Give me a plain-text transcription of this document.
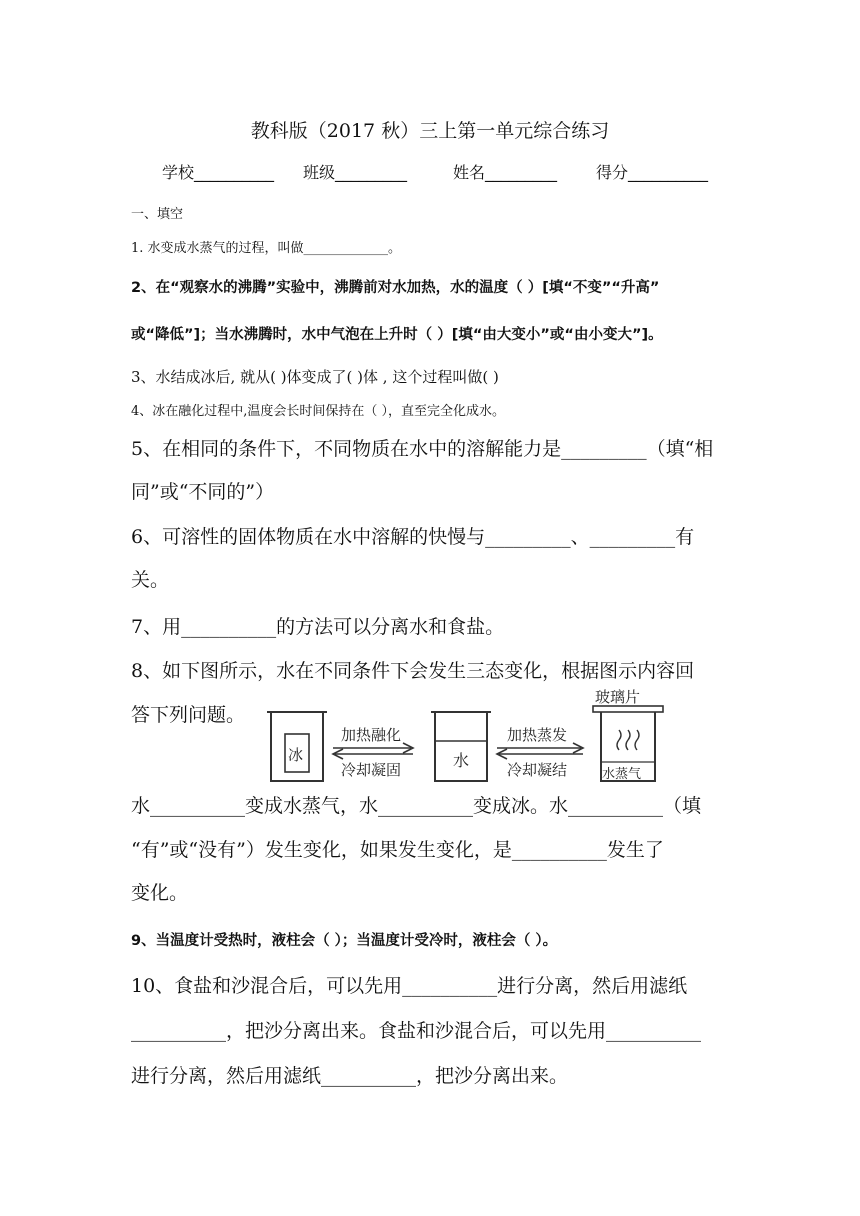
教科版（2017 秋）三上第一单元综合练习
学校__________ 班级_________	姓名_________ 得分__________
一、填空
1. 水变成水蒸气的过程，叫做_____________。
2、在“观察水的沸腾”实验中，沸腾前对水加热，水的温度（ ）[填“不变”“升高”
或“降低”]；当水沸腾时，水中气泡在上升时（ ）[填“由大变小”或“由小变大”]。
3、水结成冰后, 就从( )体变成了( )体 , 这个过程叫做( )
4、冰在融化过程中,温度会长时间保持在（ ），直至完全化成水。
5、在相同的条件下，不同物质在水中的溶解能力是_________（填“相
同”或“不同的”）
6、可溶性的固体物质在水中溶解的快慢与_________、_________有
关。
7、用__________的方法可以分离水和食盐。
8、如下图所示，水在不同条件下会发生三态变化，根据图示内容回
答下列问题。
冰	水
水蒸气
玻璃片
加热融化
冷却凝固
加热蒸发
冷却凝结
水__________变成水蒸气，水__________变成冰。水__________（填
“有”或“没有”）发生变化，如果发生变化，是__________发生了
变化。
9、当温度计受热时，液柱会（ ）；当温度计受冷时，液柱会（ ）。
10、食盐和沙混合后，可以先用__________进行分离，然后用滤纸
__________，把沙分离出来。食盐和沙混合后，可以先用__________
进行分离，然后用滤纸__________，把沙分离出来。
